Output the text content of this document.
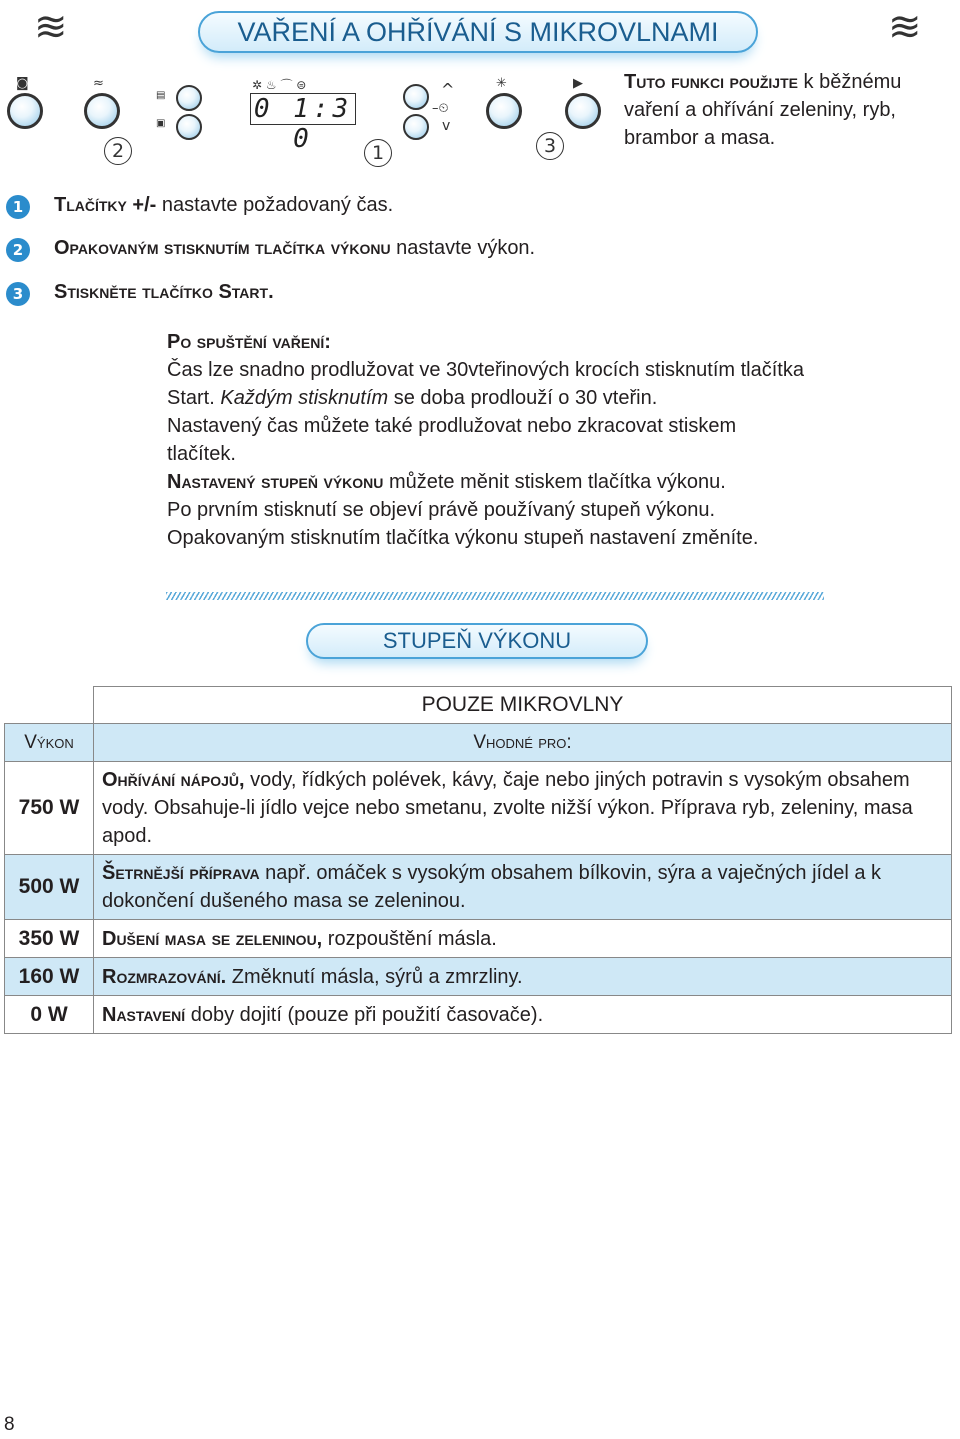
≋	≋
VAŘENÍ A OHŘÍVÁNÍ S MIKROVLNAMI
◙	≈
2
▤
▣
✲ ♨ ⌒ ⊜
0 1:3 0	1
^
–⏲
v
✳
3
▶ Tuto funkci použijte k běžnému vaření a ohřívání zeleniny, ryb, brambor a masa.
1	Tlačítky +/- nastavte požadovaný čas.
2	Opakovaným stisknutím tlačítka výkonu nastavte výkon.
3	Stiskněte tlačítko Start.
Po spuštění vaření:
Čas lze snadno prodlužovat ve 30vteřinových krocích stisknutím tlačítka Start. Každým stisknutím se doba prodlouží o 30 vteřin.
Nastavený čas můžete také prodlužovat nebo zkracovat stiskem tlačítek.
Nastavený stupeň výkonu můžete měnit stiskem tlačítka výkonu.
Po prvním stisknutí se objeví právě používaný stupeň výkonu.
Opakovaným stisknutím tlačítka výkonu stupeň nastavení změníte.
STUPEŇ VÝKONU
	POUZE MIKROVLNY
Výkon	Vhodné pro:
750 W	Ohřívání nápojů, vody, řídkých polévek, kávy, čaje nebo jiných potravin s vysokým obsahem vody. Obsahuje-li jídlo vejce nebo smetanu, zvolte nižší výkon. Příprava ryb, zeleniny, masa apod.
500 W	Šetrnější příprava např. omáček s vysokým obsahem bílkovin, sýra a vaječných jídel a k dokončení dušeného masa se zeleninou.
350 W	Dušení masa se zeleninou, rozpouštění másla.
160 W	Rozmrazování. Změknutí másla, sýrů a zmrzliny.
0 W	Nastavení doby dojití (pouze při použití časovače).
8
